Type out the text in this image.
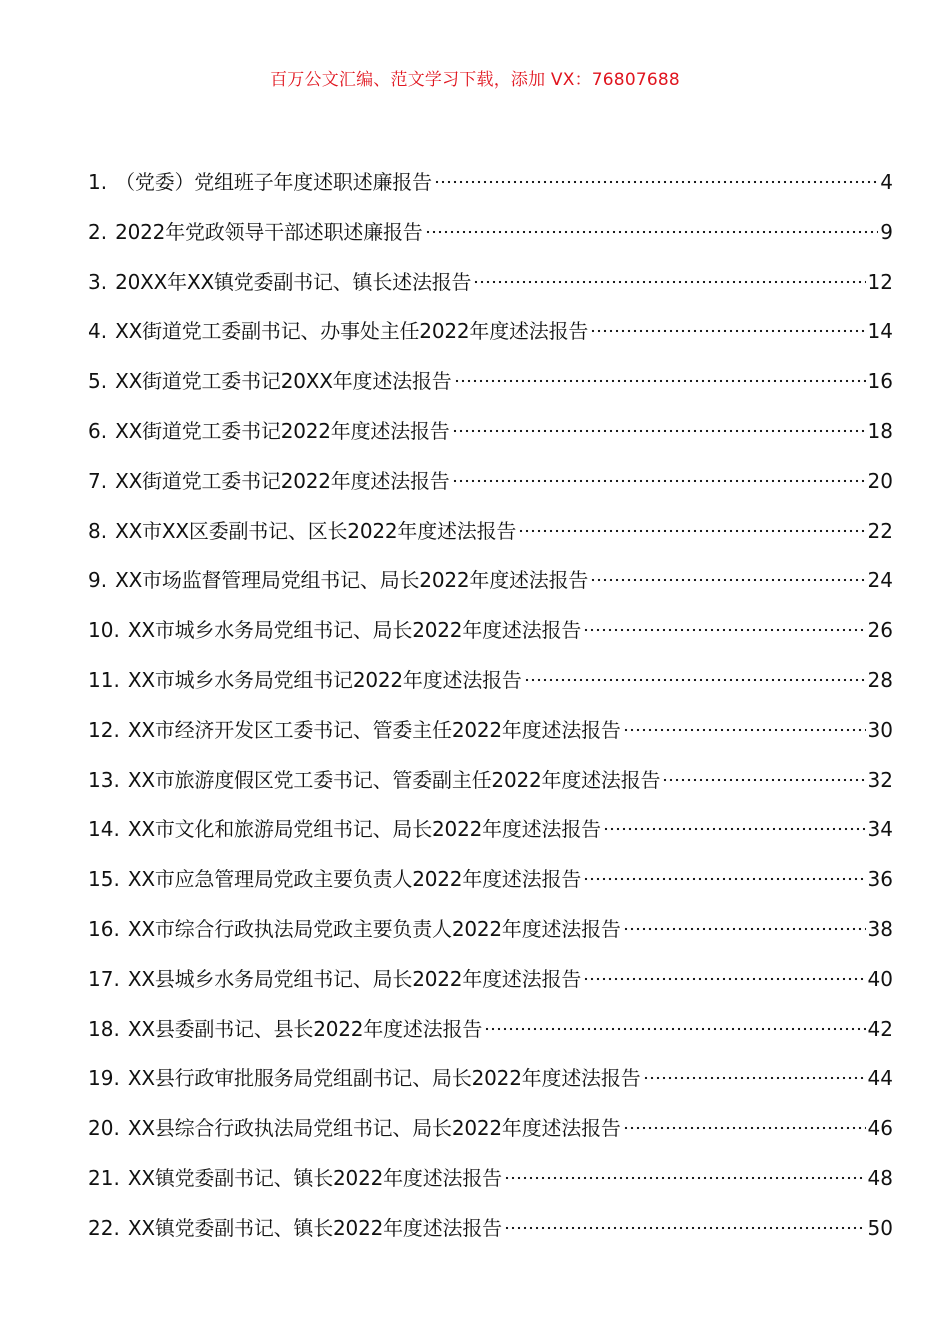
百万公文汇编、范文学习下载，添加 VX：76807688
1. （党委）党组班子年度述职述廉报告	4
2. 2022年党政领导干部述职述廉报告	9
3. 20XX年XX镇党委副书记、镇长述法报告	12
4. XX街道党工委副书记、办事处主任2022年度述法报告	14
5. XX街道党工委书记20XX年度述法报告	16
6. XX街道党工委书记2022年度述法报告	18
7. XX街道党工委书记2022年度述法报告	20
8. XX市XX区委副书记、区长2022年度述法报告	22
9. XX市场监督管理局党组书记、局长2022年度述法报告	24
10. XX市城乡水务局党组书记、局长2022年度述法报告	26
11. XX市城乡水务局党组书记2022年度述法报告	28
12. XX市经济开发区工委书记、管委主任2022年度述法报告	30
13. XX市旅游度假区党工委书记、管委副主任2022年度述法报告	32
14. XX市文化和旅游局党组书记、局长2022年度述法报告	34
15. XX市应急管理局党政主要负责人2022年度述法报告	36
16. XX市综合行政执法局党政主要负责人2022年度述法报告	38
17. XX县城乡水务局党组书记、局长2022年度述法报告	40
18. XX县委副书记、县长2022年度述法报告	42
19. XX县行政审批服务局党组副书记、局长2022年度述法报告	44
20. XX县综合行政执法局党组书记、局长2022年度述法报告	46
21. XX镇党委副书记、镇长2022年度述法报告	48
22. XX镇党委副书记、镇长2022年度述法报告	50
